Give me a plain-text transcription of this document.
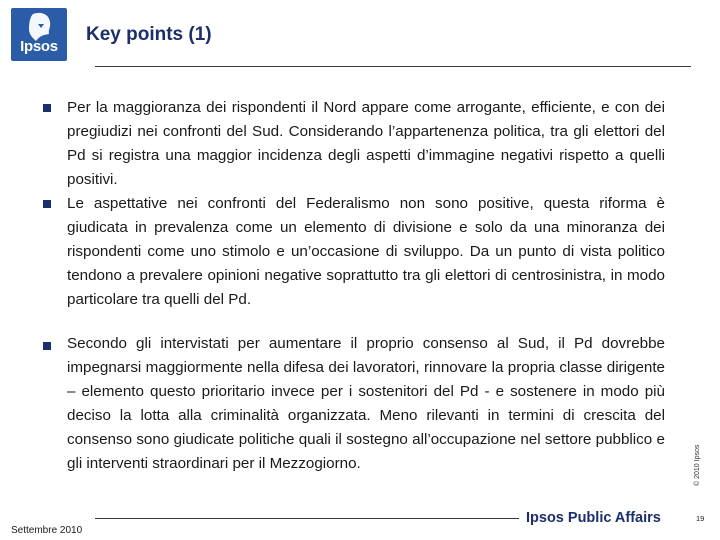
Ipsos
Key points (1)
Per la maggioranza dei rispondenti il Nord appare come arrogante, efficiente, e con dei pregiudizi nei confronti del Sud. Considerando l’appartenenza politica, tra gli elettori del Pd si registra una maggior incidenza degli aspetti d’immagine negativi rispetto a quelli positivi.
Le aspettative nei confronti del Federalismo non sono positive, questa riforma è giudicata in prevalenza come un elemento di divisione e solo da una minoranza dei rispondenti come uno stimolo e un’occasione di sviluppo. Da un punto di vista politico tendono a prevalere opinioni negative soprattutto tra gli elettori di centrosinistra, in modo particolare tra quelli del Pd.
Secondo gli intervistati per aumentare il proprio consenso al Sud, il Pd dovrebbe impegnarsi maggiormente nella difesa dei lavoratori, rinnovare la propria classe dirigente – elemento questo prioritario invece per i sostenitori del Pd - e sostenere in modo più deciso la lotta alla criminalità organizzata. Meno rilevanti in termini di crescita del consenso sono giudicate politiche quali il sostegno all’occupazione nel settore pubblico e gli interventi straordinari per il Mezzogiorno.	© 2010 Ipsos
Ipsos Public Affairs
Settembre 2010
19
